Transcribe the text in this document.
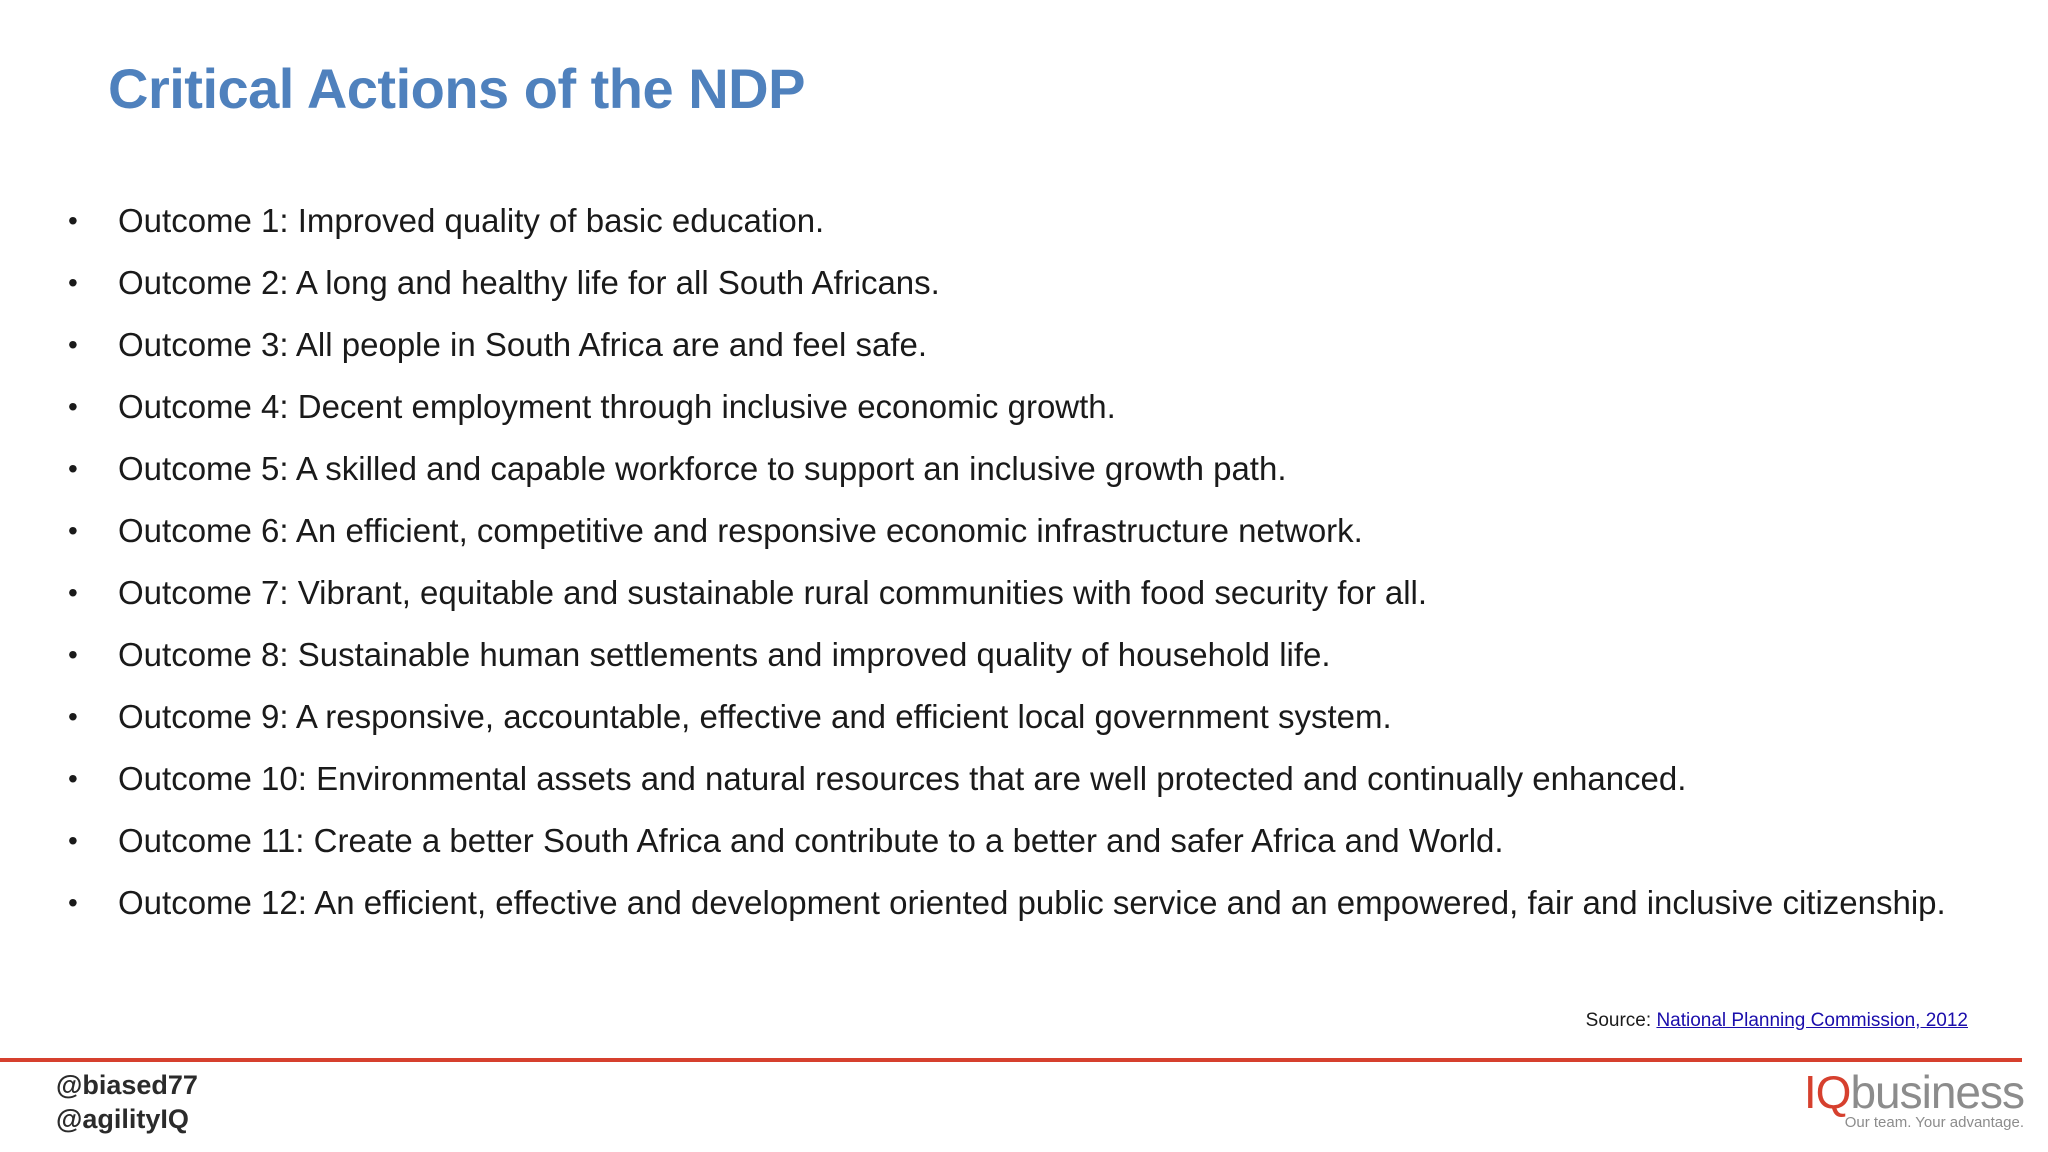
Critical Actions of the NDP
• Outcome 1: Improved quality of basic education.
• Outcome 2: A long and healthy life for all South Africans.
• Outcome 3: All people in South Africa are and feel safe.
• Outcome 4: Decent employment through inclusive economic growth.
• Outcome 5: A skilled and capable workforce to support an inclusive growth path.
• Outcome 6: An efficient, competitive and responsive economic infrastructure network.
• Outcome 7: Vibrant, equitable and sustainable rural communities with food security for all.
• Outcome 8: Sustainable human settlements and improved quality of household life.
• Outcome 9: A responsive, accountable, effective and efficient local government system.
• Outcome 10: Environmental assets and natural resources that are well protected and continually enhanced.
• Outcome 11: Create a better South Africa and contribute to a better and safer Africa and World.
• Outcome 12: An efficient, effective and development oriented public service and an empowered, fair and inclusive citizenship.
Source: National Planning Commission, 2012
@biased77
@agilityIQ
IQbusiness
Our team. Your advantage.
